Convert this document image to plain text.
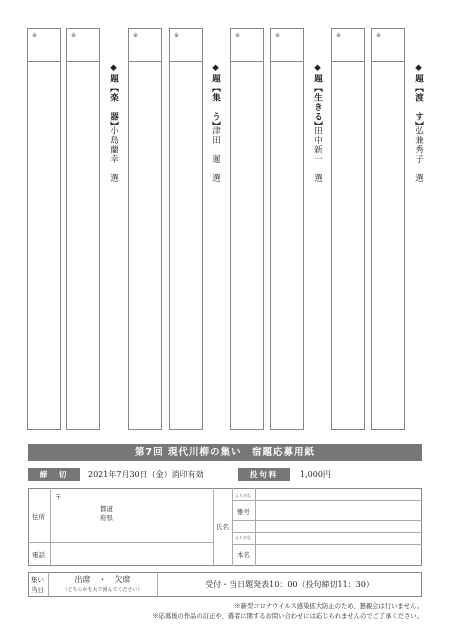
※	※
◆題【楽　器】
小島蘭幸　選
※	※
◆題【集　う】
津田　暹　選
※	※
◆題【生きる】
田中新一　選
※	※
◆題【渡　す】
弘兼秀子　選
第7回 現代川柳の集い　宿題応募用紙
締　切	2021年7月30日（金）消印有効	投句料	1,000円
住所
〒
都道
府県
電話
氏名
ふりがな
雅号
ふりがな
本名
集い
当日
出席　・　欠席
（どちらかを丸で囲んでください）
受付・当日題発表10：00（投句締切11：30）
※新型コロナウイルス感染拡大防止のため、懇親会は行いません。
※応募後の作品の訂正や、選者に関するお問い合わせには応じられませんのでご了承ください。
